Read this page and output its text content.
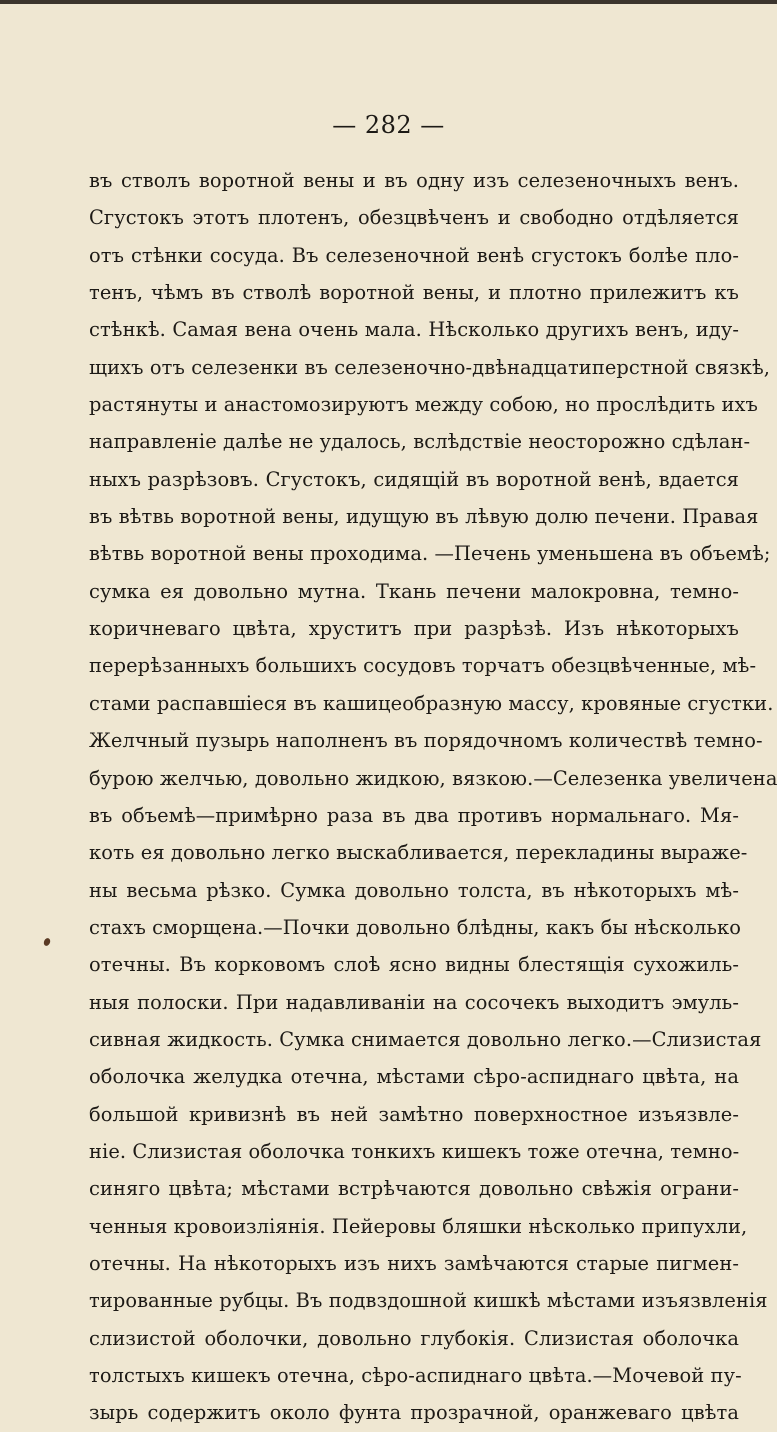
— 282 —
въ стволъ воротной вены и въ одну изъ селезеночныхъ венъ.
Сгустокъ этотъ плотенъ, обезцвѣченъ и свободно отдѣляется
отъ стѣнки сосуда. Въ селезеночной венѣ сгустокъ болѣе пло-
тенъ, чѣмъ въ стволѣ воротной вены, и плотно прилежитъ къ
стѣнкѣ. Самая вена очень мала. Нѣсколько другихъ венъ, иду-
щихъ отъ селезенки въ селезеночно-двѣнадцатиперстной связкѣ,
растянуты и анастомозируютъ между собою, но прослѣдить ихъ
направленіе далѣе не удалось, вслѣдствіе неосторожно сдѣлан-
ныхъ разрѣзовъ. Сгустокъ, сидящій въ воротной венѣ, вдается
въ вѣтвь воротной вены, идущую въ лѣвую долю печени. Правая
вѣтвь воротной вены проходима. —Печень уменьшена въ объемѣ;
сумка ея довольно мутна. Ткань печени малокровна, темно-
коричневаго цвѣта, хруститъ при разрѣзѣ. Изъ нѣкоторыхъ
перерѣзанныхъ большихъ сосудовъ торчатъ обезцвѣченные, мѣ-
стами распавшіеся въ кашицеобразную массу, кровяные сгустки.
Желчный пузырь наполненъ въ порядочномъ количествѣ темно-
бурою желчью, довольно жидкою, вязкою.—Селезенка увеличена
въ объемѣ—примѣрно раза въ два противъ нормальнаго. Мя-
коть ея довольно легко выскабливается, перекладины выраже-
ны весьма рѣзко. Сумка довольно толста, въ нѣкоторыхъ мѣ-
стахъ сморщена.—Почки довольно блѣдны, какъ бы нѣсколько
отечны. Въ корковомъ слоѣ ясно видны блестящія сухожиль-
ныя полоски. При надавливаніи на сосочекъ выходитъ эмуль-
сивная жидкость. Сумка снимается довольно легко.—Слизистая
оболочка желудка отечна, мѣстами сѣро-аспиднаго цвѣта, на
большой кривизнѣ въ ней замѣтно поверхностное изъязвле-
ніе. Слизистая оболочка тонкихъ кишекъ тоже отечна, темно-
синяго цвѣта; мѣстами встрѣчаются довольно свѣжія ограни-
ченныя кровоизліянія. Пейеровы бляшки нѣсколько припухли,
отечны. На нѣкоторыхъ изъ нихъ замѣчаются старые пигмен-
тированные рубцы. Въ подвздошной кишкѣ мѣстами изъязвленія
слизистой оболочки, довольно глубокія. Слизистая оболочка
толстыхъ кишекъ отечна, сѣро-аспиднаго цвѣта.—Мочевой пу-
зырь содержитъ около фунта прозрачной, оранжеваго цвѣта
